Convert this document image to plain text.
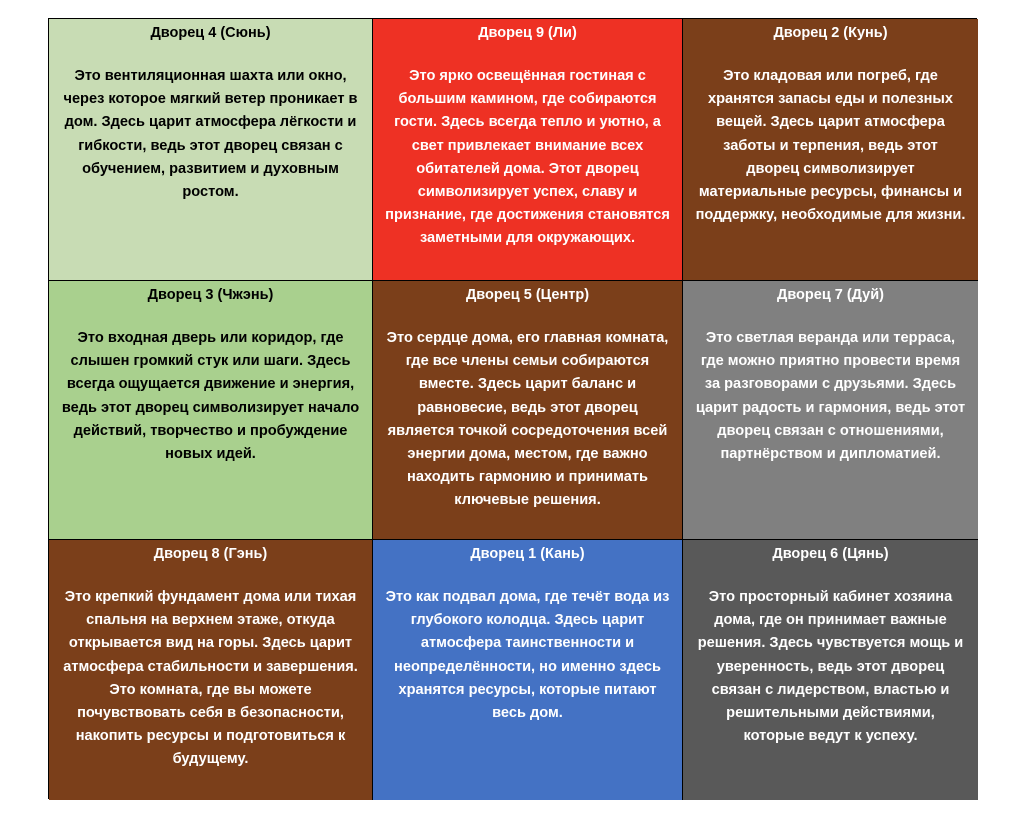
Дворец 4 (Сюнь)

Это вентиляционная шахта или окно, через которое мягкий ветер проникает в дом. Здесь царит атмосфера лёгкости и гибкости, ведь этот дворец связан с обучением, развитием и духовным ростом.

Дворец 9 (Ли)

Это ярко освещённая гостиная с большим камином, где собираются гости. Здесь всегда тепло и уютно, а свет привлекает внимание всех обитателей дома. Этот дворец символизирует успех, славу и признание, где достижения становятся заметными для окружающих.

Дворец 2 (Кунь)

Это кладовая или погреб, где хранятся запасы еды и полезных вещей. Здесь царит атмосфера заботы и терпения, ведь этот дворец символизирует материальные ресурсы, финансы и поддержку, необходимые для жизни.

Дворец 3 (Чжэнь)

Это входная дверь или коридор, где слышен громкий стук или шаги. Здесь всегда ощущается движение и энергия, ведь этот дворец символизирует начало действий, творчество и пробуждение новых идей.

Дворец 5 (Центр)

Это сердце дома, его главная комната, где все члены семьи собираются вместе. Здесь царит баланс и равновесие, ведь этот дворец является точкой сосредоточения всей энергии дома, местом, где важно находить гармонию и принимать ключевые решения.

Дворец 7 (Дуй)

Это светлая веранда или терраса, где можно приятно провести время за разговорами с друзьями. Здесь царит радость и гармония, ведь этот дворец связан с отношениями, партнёрством и дипломатией.

Дворец 8 (Гэнь)

Это крепкий фундамент дома или тихая спальня на верхнем этаже, откуда открывается вид на горы. Здесь царит атмосфера стабильности и завершения. Это комната, где вы можете почувствовать себя в безопасности, накопить ресурсы и подготовиться к будущему.

Дворец 1 (Кань)

Это как подвал дома, где течёт вода из глубокого колодца. Здесь царит атмосфера таинственности и неопределённости, но именно здесь хранятся ресурсы, которые питают весь дом.

Дворец 6 (Цянь)

Это просторный кабинет хозяина дома, где он принимает важные решения. Здесь чувствуется мощь и уверенность, ведь этот дворец связан с лидерством, властью и решительными действиями, которые ведут к успеху.
